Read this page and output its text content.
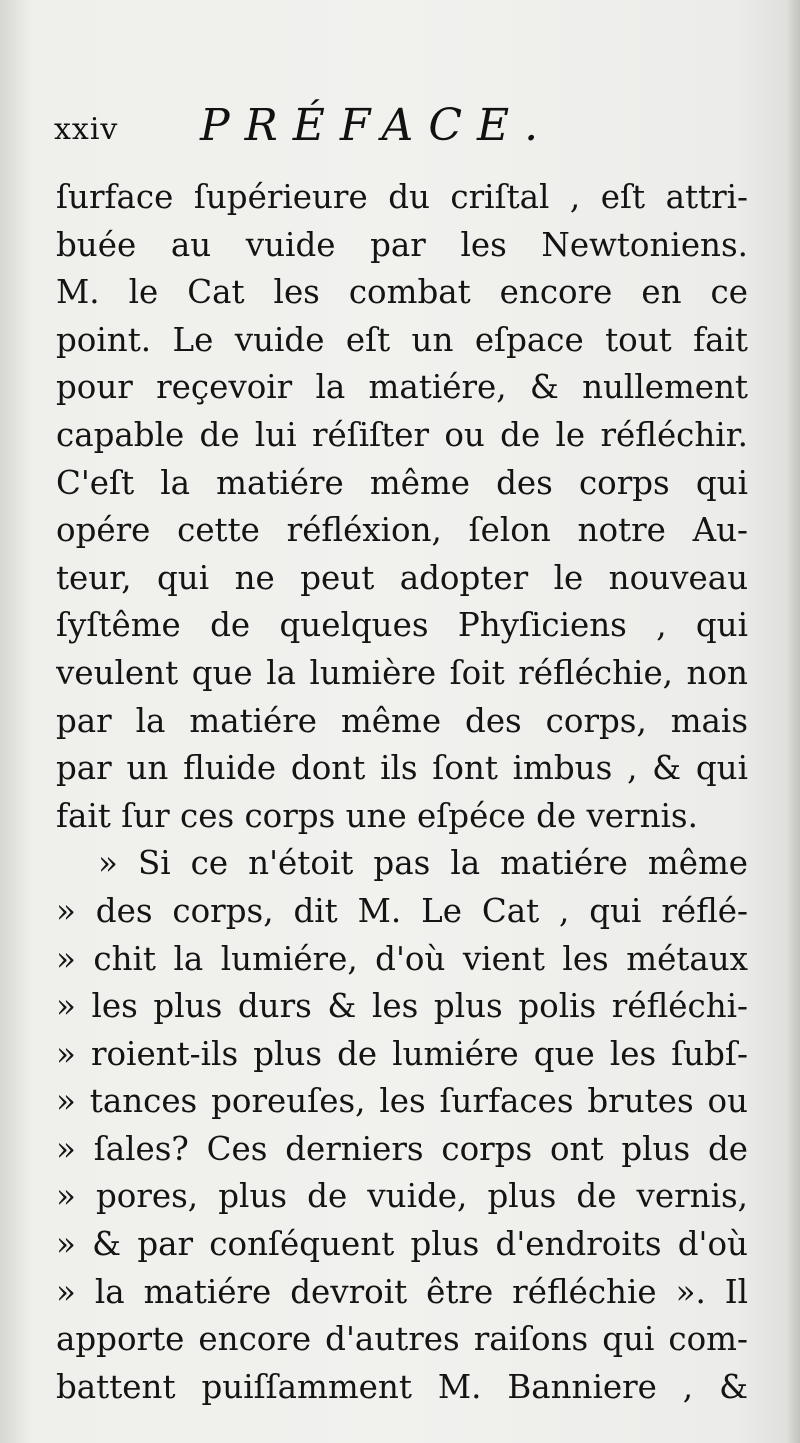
xxiv PRÉFACE.
ſurface ſupérieure du criſtal , eſt attri-
buée au vuide par les Newtoniens.
M. le Cat les combat encore en ce
point. Le vuide eſt un eſpace tout fait
pour reçevoir la matiére, & nullement
capable de lui réſiſter ou de le réfléchir.
C'eſt la matiére même des corps qui
opére cette réfléxion, ſelon notre Au-
teur, qui ne peut adopter le nouveau
ſyſtême de quelques Phyſiciens , qui
veulent que la lumière ſoit réfléchie, non
par la matiére même des corps, mais
par un fluide dont ils ſont imbus , & qui
fait ſur ces corps une eſpéce de vernis.
» Si ce n'étoit pas la matiére même
» des corps, dit M. Le Cat , qui réflé-
» chit la lumiére, d'où vient les métaux
» les plus durs & les plus polis réfléchi-
» roient-ils plus de lumiére que les ſubſ-
» tances poreuſes, les ſurfaces brutes ou
» ſales? Ces derniers corps ont plus de
» pores, plus de vuide, plus de vernis,
» & par conſéquent plus d'endroits d'où
» la matiére devroit être réfléchie ». Il
apporte encore d'autres raiſons qui com-
battent puiſſamment M. Banniere , &
